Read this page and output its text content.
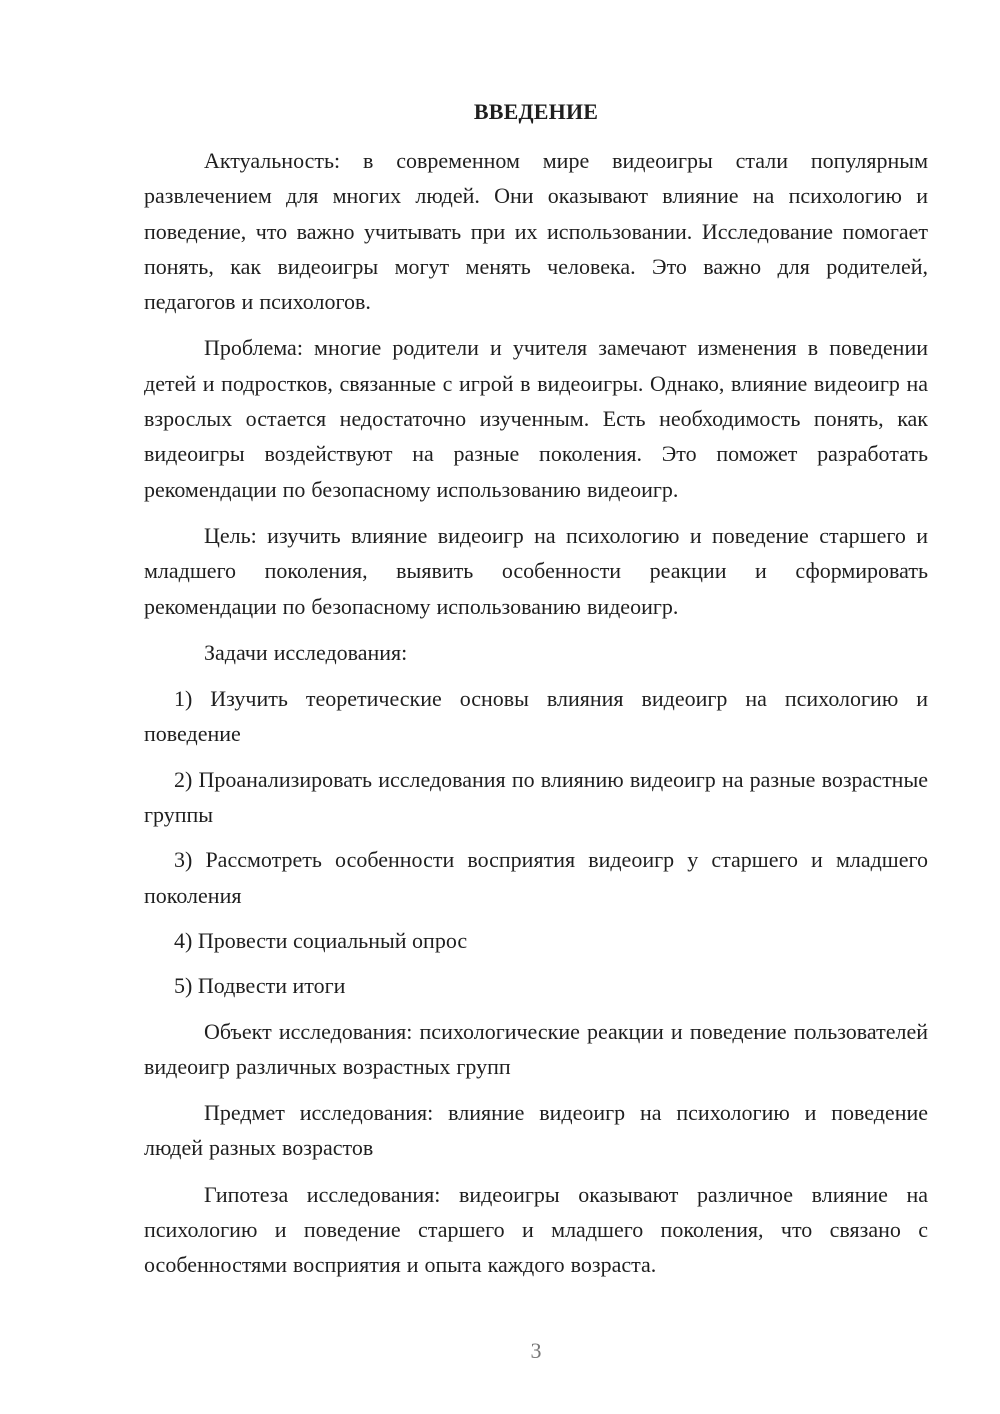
ВВЕДЕНИЕ

Актуальность: в современном мире видеоигры стали популярным развлечением для многих людей. Они оказывают влияние на психологию и поведение, что важно учитывать при их использовании. Исследование помогает понять, как видеоигры могут менять человека. Это важно для родителей, педагогов и психологов.

Проблема: многие родители и учителя замечают изменения в поведении детей и подростков, связанные с игрой в видеоигры. Однако, влияние видеоигр на взрослых остается недостаточно изученным. Есть необходимость понять, как видеоигры воздействуют на разные поколения. Это поможет разработать рекомендации по безопасному использованию видеоигр.

Цель: изучить влияние видеоигр на психологию и поведение старшего и младшего поколения, выявить особенности реакции и сформировать рекомендации по безопасному использованию видеоигр.

Задачи исследования:

1) Изучить теоретические основы влияния видеоигр на психологию и поведение

2) Проанализировать исследования по влиянию видеоигр на разные возрастные группы

3) Рассмотреть особенности восприятия видеоигр у старшего и младшего поколения

4) Провести социальный опрос

5) Подвести итоги

Объект исследования: психологические реакции и поведение пользователей видеоигр различных возрастных групп

Предмет исследования: влияние видеоигр на психологию и поведение людей разных возрастов

Гипотеза исследования: видеоигры оказывают различное влияние на психологию и поведение старшего и младшего поколения, что связано с особенностями восприятия и опыта каждого возраста.

3
